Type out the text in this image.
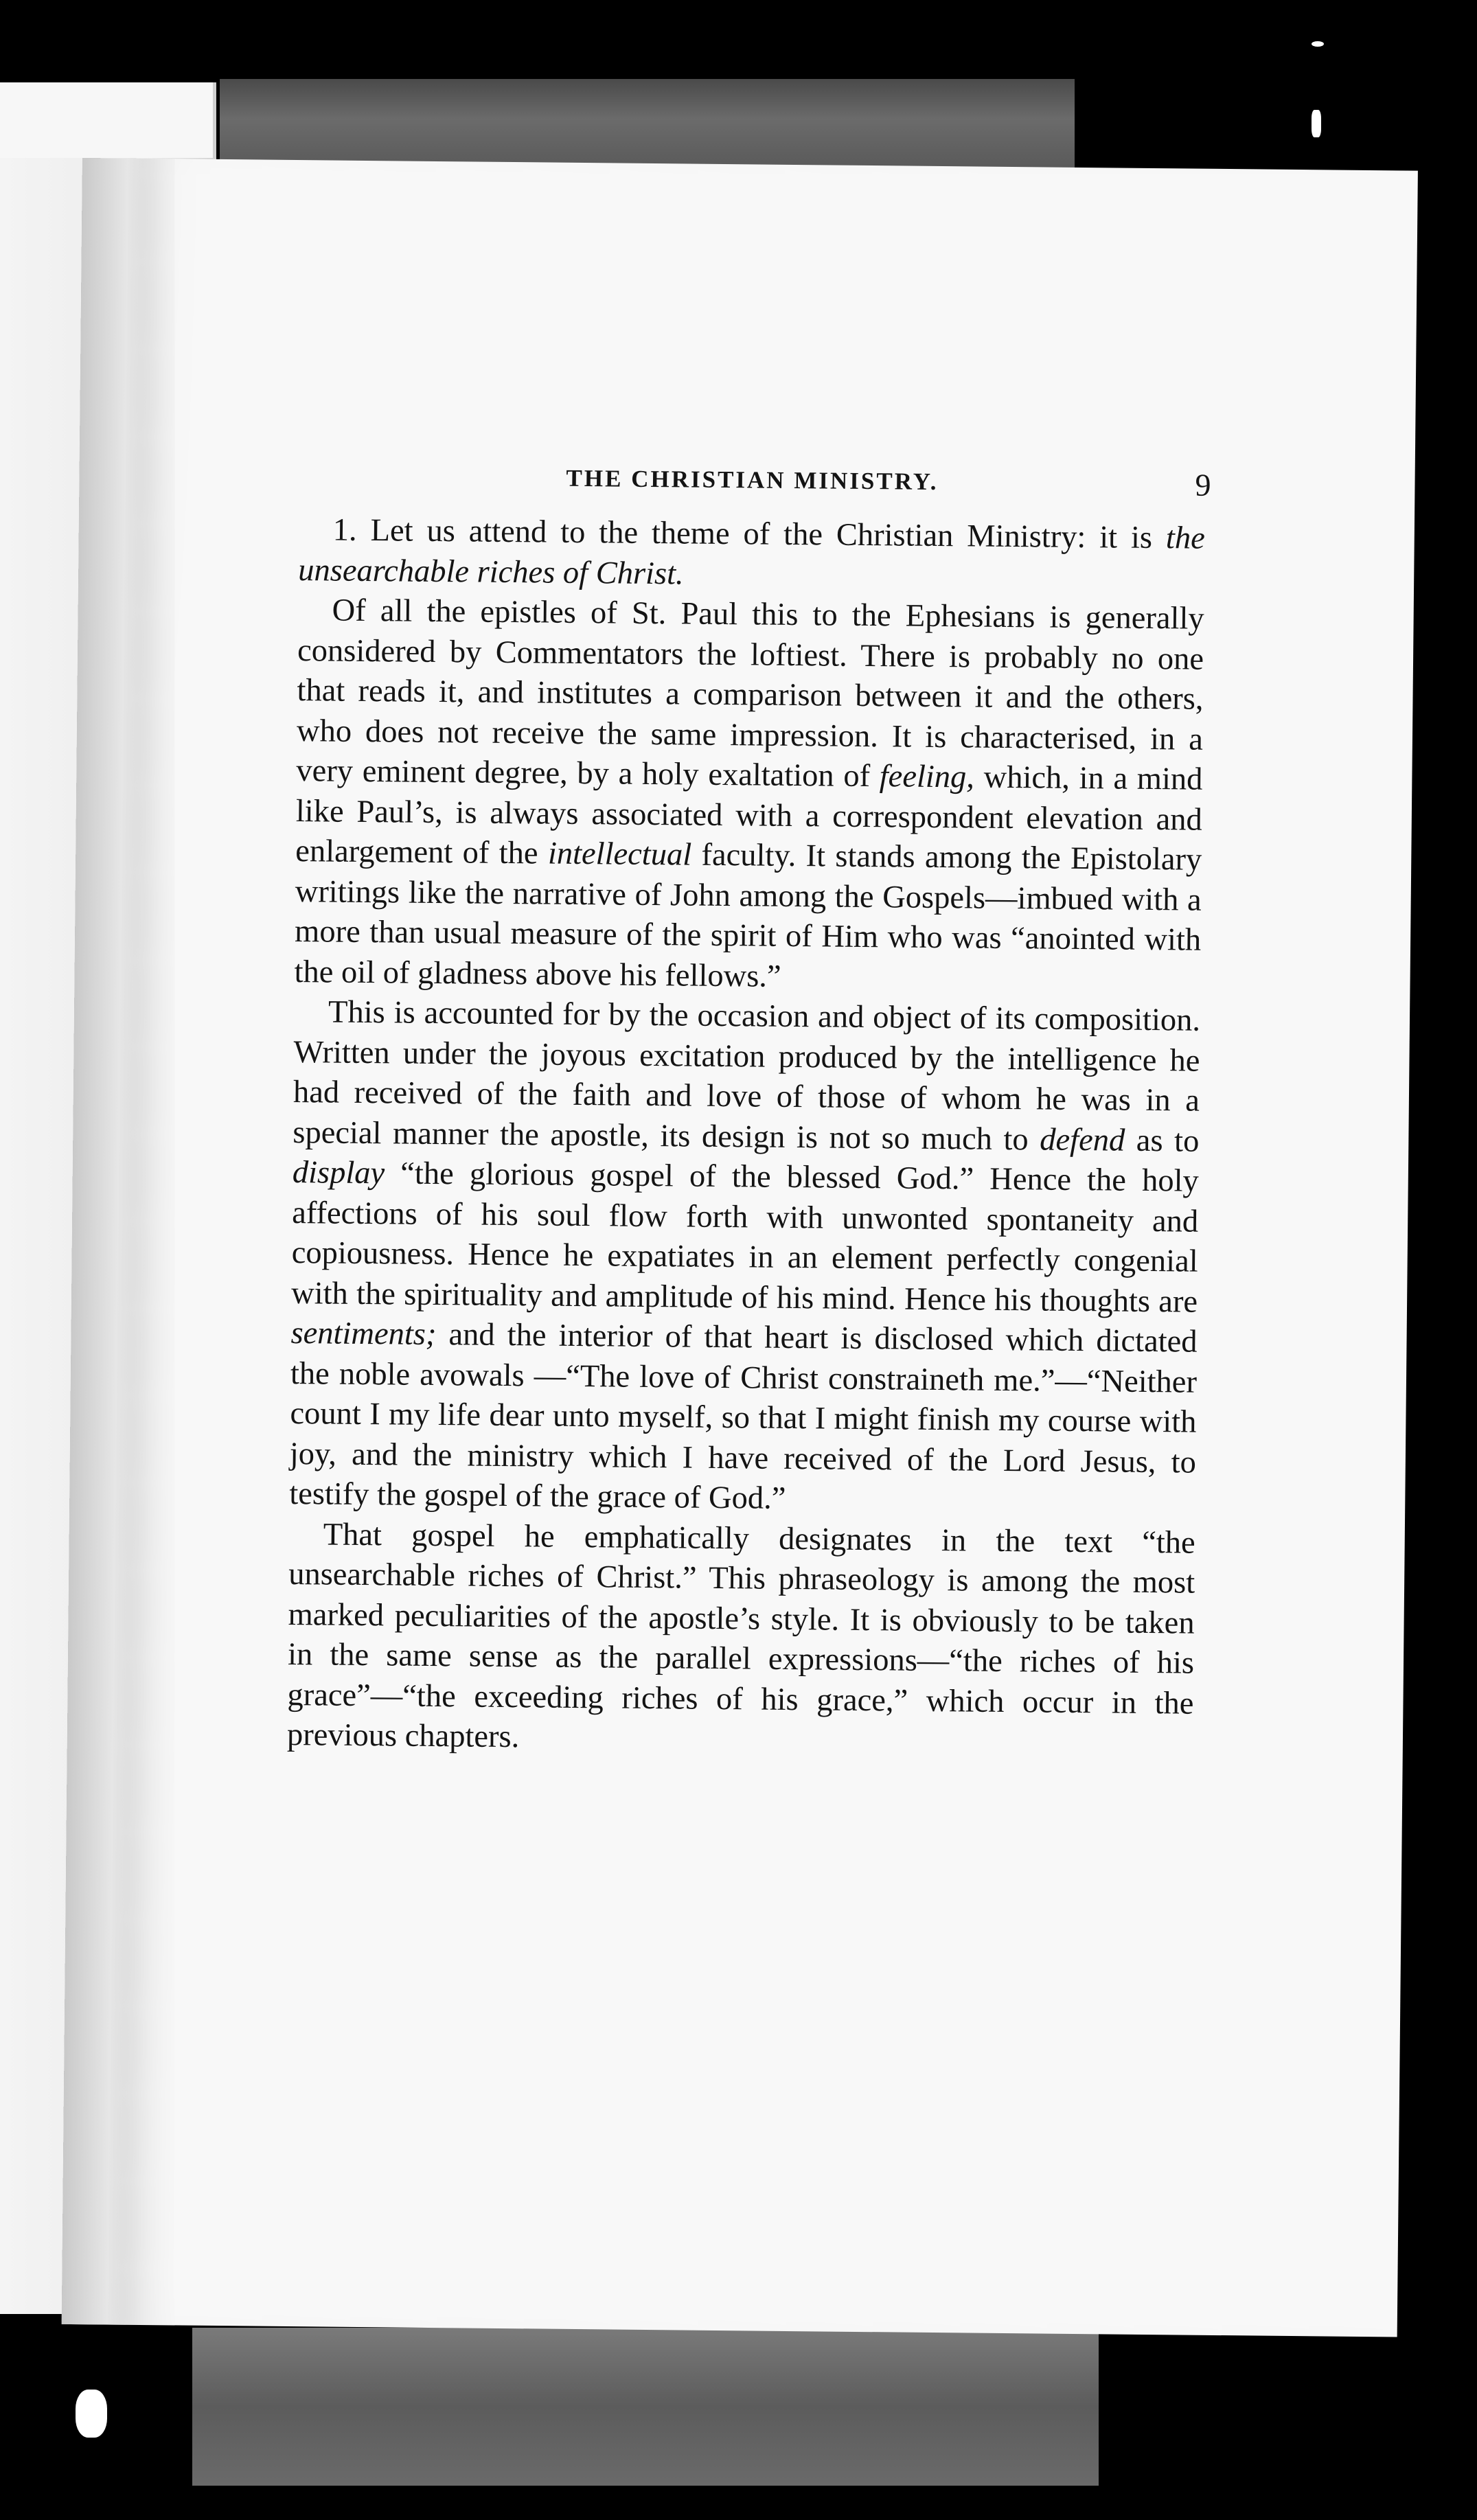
THE CHRISTIAN MINISTRY.	9

1. Let us attend to the theme of the Christian Ministry: it is the unsearchable riches of Christ.

Of all the epistles of St. Paul this to the Ephesians is generally considered by Commentators the loftiest. There is probably no one that reads it, and institutes a comparison between it and the others, who does not receive the same impression. It is characterised, in a very eminent degree, by a holy exaltation of feeling, which, in a mind like Paul’s, is always associated with a correspondent elevation and enlargement of the intellectual faculty. It stands among the Epistolary writings like the narrative of John among the Gospels—imbued with a more than usual measure of the spirit of Him who was “anointed with the oil of gladness above his fellows.”

This is accounted for by the occasion and object of its composition. Written under the joyous excitation produced by the intelligence he had received of the faith and love of those of whom he was in a special manner the apostle, its design is not so much to defend as to display “the glorious gospel of the blessed God.” Hence the holy affections of his soul flow forth with unwonted spontaneity and copiousness. Hence he expatiates in an element perfectly congenial with the spirituality and amplitude of his mind. Hence his thoughts are sentiments; and the interior of that heart is disclosed which dictated the noble avowals —“The love of Christ constraineth me.”—“Neither count I my life dear unto myself, so that I might finish my course with joy, and the ministry which I have received of the Lord Jesus, to testify the gospel of the grace of God.”

That gospel he emphatically designates in the text “the unsearchable riches of Christ.” This phraseology is among the most marked peculiarities of the apostle’s style. It is obviously to be taken in the same sense as the parallel expressions—“the riches of his grace”—“the exceeding riches of his grace,” which occur in the previous chapters.
